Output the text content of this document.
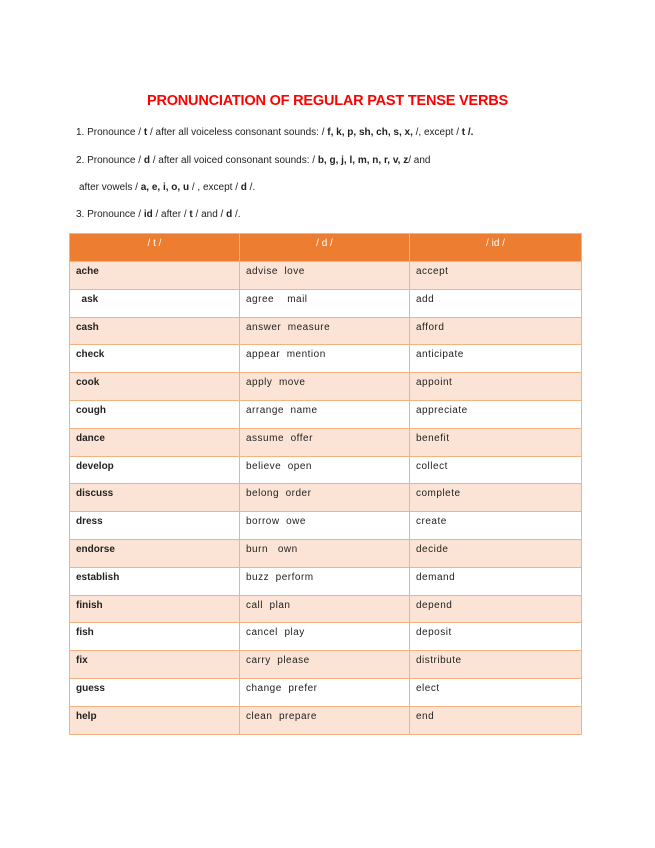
PRONUNCIATION OF REGULAR PAST TENSE VERBS
1. Pronounce / t / after all voiceless consonant sounds: / f, k, p, sh, ch, s, x, /, except / t /.
2. Pronounce / d / after all voiced consonant sounds: / b, g, j, l, m, n, r, v, z/ and
after vowels / a, e, i, o, u / , except / d /.
3. Pronounce / id / after / t / and / d /.
/ t /	/ d /	/ id /
ache	advise  love	accept
ask	agree    mail	add
cash	answer  measure	afford
check	appear  mention	anticipate
cook	apply  move	appoint
cough	arrange  name	appreciate
dance	assume  offer	benefit
develop	believe  open	collect
discuss	belong  order	complete
dress	borrow  owe	create
endorse	burn   own	decide
establish	buzz  perform	demand
finish	call  plan	depend
fish	cancel  play	deposit
fix	carry  please	distribute
guess	change  prefer	elect
help	clean  prepare	end
